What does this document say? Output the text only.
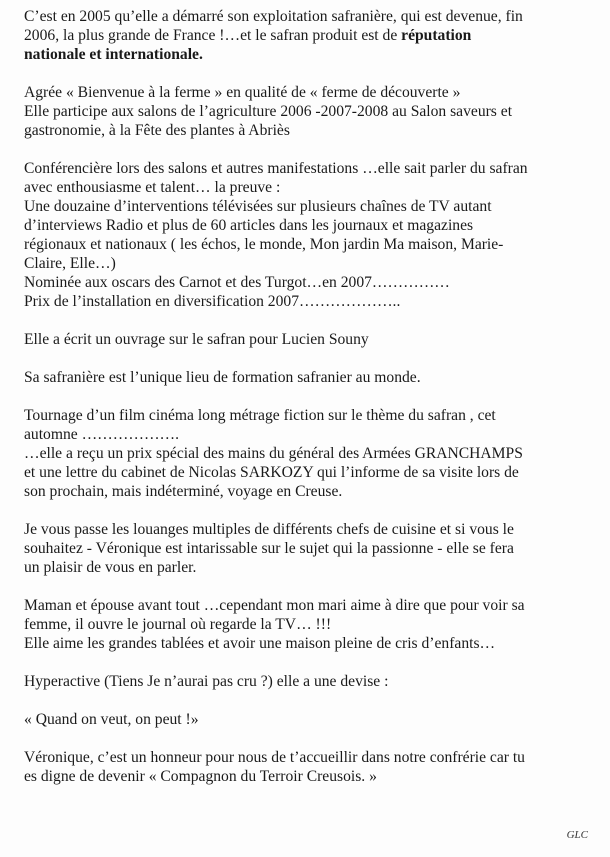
C’est en 2005 qu’elle a démarré son exploitation safranière, qui est devenue, fin
2006, la plus grande de France !…et le safran produit est de réputation
nationale et internationale.
Agrée « Bienvenue à la ferme » en qualité de « ferme de découverte »
Elle participe aux salons de l’agriculture 2006 -2007-2008 au Salon saveurs et
gastronomie, à la Fête des plantes à Abriès
Conférencière lors des salons et autres manifestations …elle sait parler du safran
avec enthousiasme et talent… la preuve :
Une douzaine d’interventions télévisées sur plusieurs chaînes de TV autant
d’interviews Radio et plus de 60 articles dans les journaux et magazines
régionaux et nationaux ( les échos, le monde, Mon jardin Ma maison, Marie-
Claire, Elle…)
Nominée aux oscars des Carnot et des Turgot…en 2007……………
Prix de l’installation en diversification 2007………………..
Elle a écrit un ouvrage sur le safran pour Lucien Souny
Sa safranière est l’unique lieu de formation safranier au monde.
Tournage d’un film cinéma long métrage fiction sur le thème du safran , cet
automne ……………….
…elle a reçu un prix spécial des mains du général des Armées GRANCHAMPS
et une lettre du cabinet de Nicolas SARKOZY qui l’informe de sa visite lors de
son prochain, mais indéterminé, voyage en Creuse.
Je vous passe les louanges multiples de différents chefs de cuisine et si vous le
souhaitez - Véronique est intarissable sur le sujet qui la passionne - elle se fera
un plaisir de vous en parler.
Maman et épouse avant tout …cependant mon mari aime à dire que pour voir sa
femme, il ouvre le journal où regarde la TV… !!!
Elle aime les grandes tablées et avoir une maison pleine de cris d’enfants…
Hyperactive (Tiens Je n’aurai pas cru ?) elle a une devise :
« Quand on veut, on peut !»
Véronique, c’est un honneur pour nous de t’accueillir dans notre confrérie car tu
es digne de devenir « Compagnon du Terroir Creusois. »
GLC
